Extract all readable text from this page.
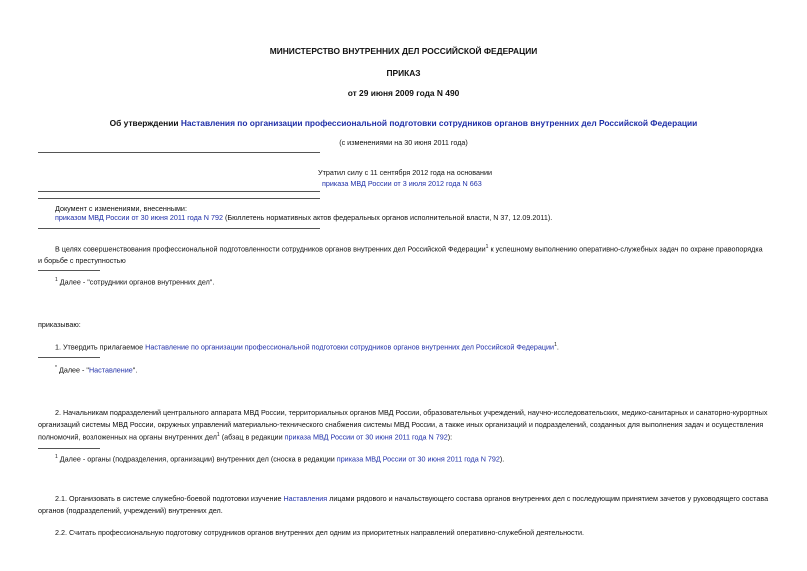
МИНИСТЕРСТВО ВНУТРЕННИХ ДЕЛ РОССИЙСКОЙ ФЕДЕРАЦИИ
ПРИКАЗ
от 29 июня 2009 года N 490
Об утверждении Наставления по организации профессиональной подготовки сотрудников органов внутренних дел Российской Федерации
(с изменениями на 30 июня 2011 года)
Утратил силу с 11 сентября 2012 года на основании
приказа МВД России от 3 июля 2012 года N 663
Документ с изменениями, внесенными:
приказом МВД России от 30 июня 2011 года N 792 (Бюллетень нормативных актов федеральных органов исполнительной власти, N 37, 12.09.2011).
В целях совершенствования профессиональной подготовленности сотрудников органов внутренних дел Российской Федерации$^1$ к успешному выполнению оперативно-служебных задач по охране правопорядка и борьбе с преступностью
$^1$ Далее - "сотрудники органов внутренних дел".
приказываю:
1. Утвердить прилагаемое Наставление по организации профессиональной подготовки сотрудников органов внутренних дел Российской Федерации$^1$.
* Далее - "Наставление".
2. Начальникам подразделений центрального аппарата МВД России, территориальных органов МВД России, образовательных учреждений, научно-исследовательских, медико-санитарных и санаторно-курортных организаций системы МВД России, окружных управлений материально-технического снабжения системы МВД России, а также иных организаций и подразделений, созданных для выполнения задач и осуществления полномочий, возложенных на органы внутренних дел$^1$ (абзац в редакции приказа МВД России от 30 июня 2011 года N 792):
$^1$ Далее - органы (подразделения, организации) внутренних дел (сноска в редакции приказа МВД России от 30 июня 2011 года N 792).
2.1. Организовать в системе служебно-боевой подготовки изучение Наставления лицами рядового и начальствующего состава органов внутренних дел с последующим принятием зачетов у руководящего состава органов (подразделений, учреждений) внутренних дел.
2.2. Считать профессиональную подготовку сотрудников органов внутренних дел одним из приоритетных направлений оперативно-служебной деятельности.
